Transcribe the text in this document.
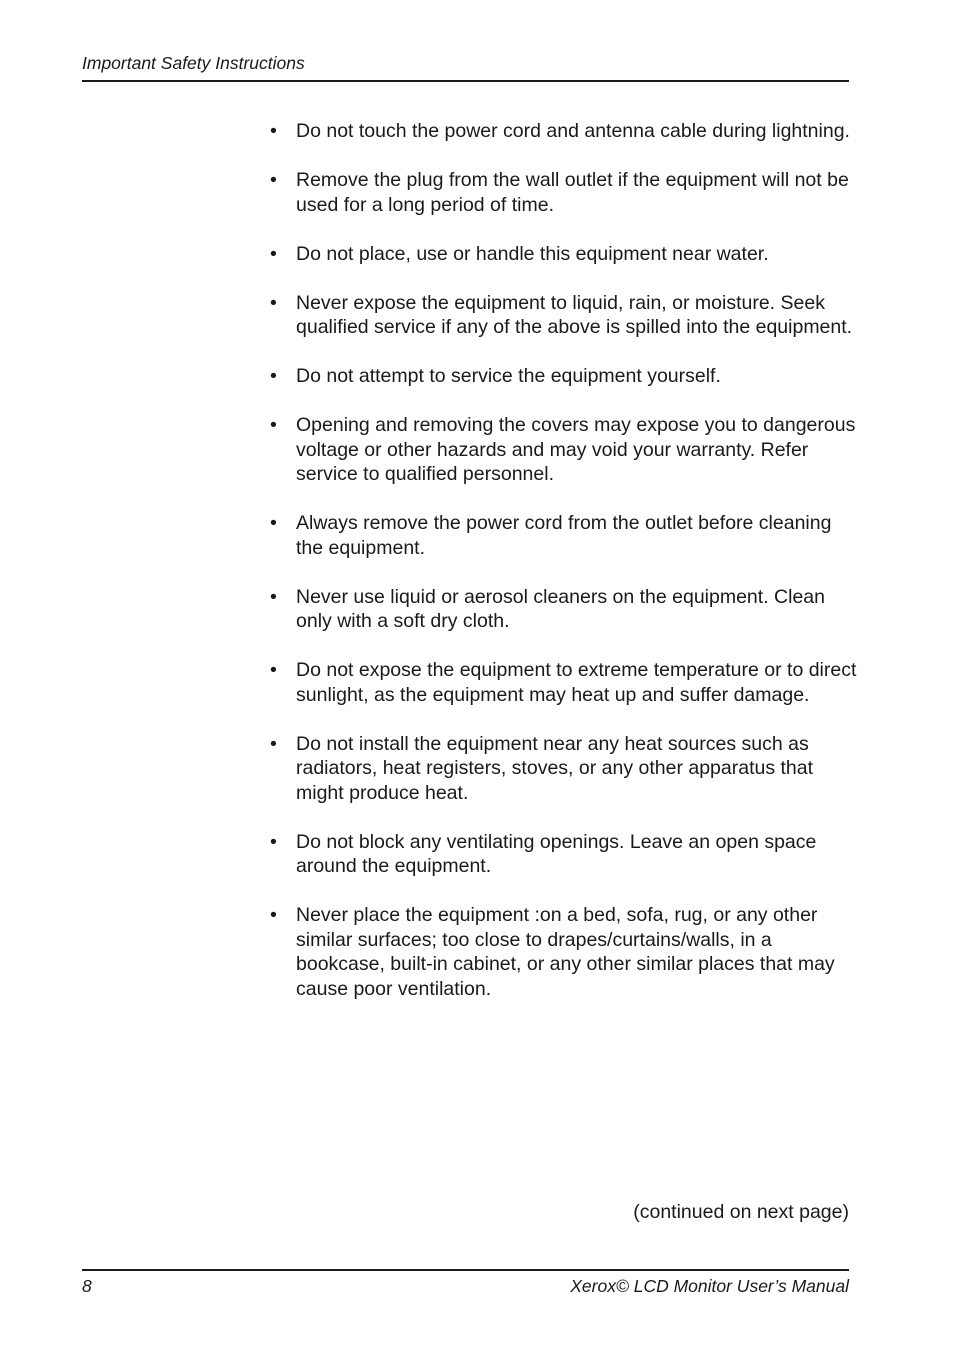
Important Safety Instructions
• Do not touch the power cord and antenna cable during lightning.
• Remove the plug from the wall outlet if the equipment will not be used for a long period of time.
• Do not place, use or handle this equipment near water.
• Never expose the equipment to liquid, rain, or moisture. Seek qualified service if any of the above is spilled into the equipment.
• Do not attempt to service the equipment yourself.
• Opening and removing the covers may expose you to dangerous voltage or other hazards and may void your warranty. Refer service to qualified personnel.
• Always remove the power cord from the outlet before cleaning the equipment.
• Never use liquid or aerosol cleaners on the equipment. Clean only with a soft dry cloth.
• Do not expose the equipment to extreme temperature or to direct sunlight, as the equipment may heat up and suffer damage.
• Do not install the equipment near any heat sources such as radiators, heat registers, stoves, or any other apparatus that might produce heat.
• Do not block any ventilating openings. Leave an open space around the equipment.
• Never place the equipment :on a bed, sofa, rug, or any other similar surfaces; too close to drapes/curtains/walls, in a bookcase, built-in cabinet, or any other similar places that may cause poor ventilation.
(continued on next page)
8	Xerox© LCD Monitor User’s Manual
